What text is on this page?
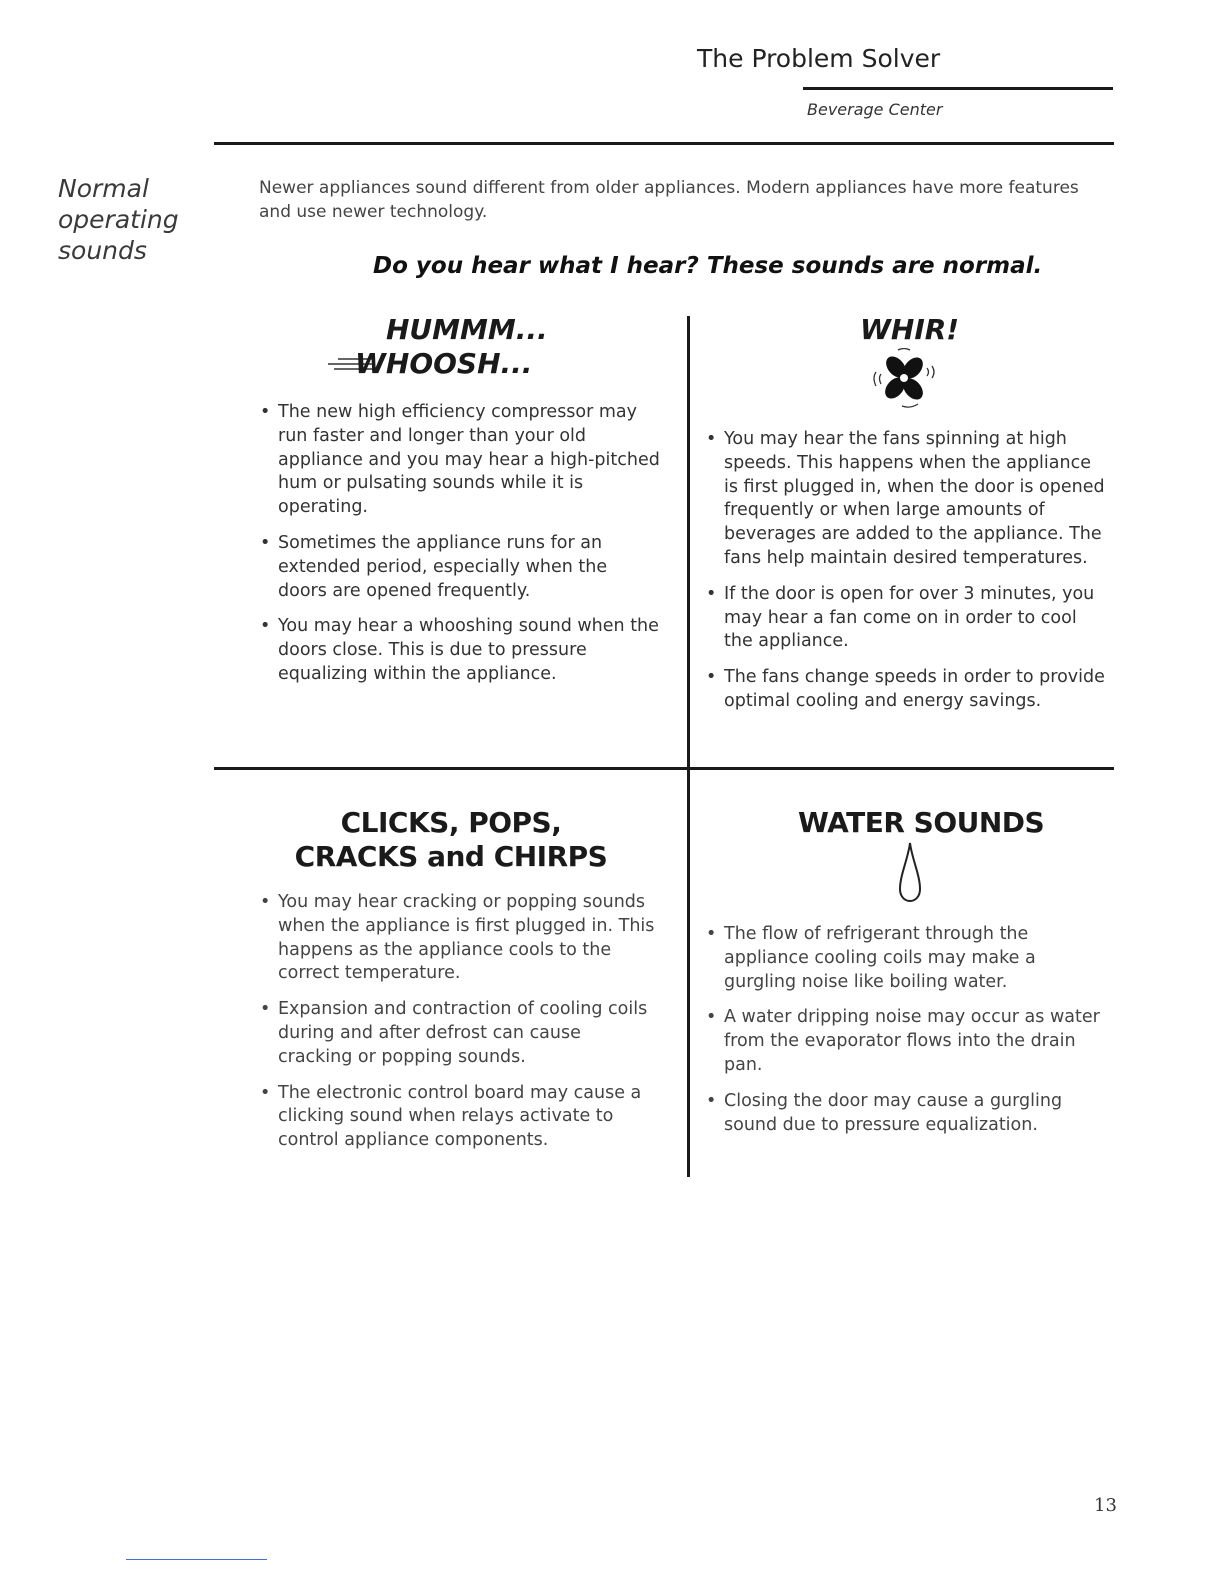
The Problem Solver
Beverage Center
Normal
operating
sounds
Newer appliances sound different from older appliances. Modern appliances have more features and use newer technology.
Do you hear what I hear? These sounds are normal.
HUMMM...
WHOOSH...
• The new high efficiency compressor may run faster and longer than your old appliance and you may hear a high-pitched hum or pulsating sounds while it is operating.
• Sometimes the appliance runs for an extended period, especially when the doors are opened frequently.
• You may hear a whooshing sound when the doors close. This is due to pressure equalizing within the appliance.
WHIR!
• You may hear the fans spinning at high speeds. This happens when the appliance is first plugged in, when the door is opened frequently or when large amounts of beverages are added to the appliance. The fans help maintain desired temperatures.
• If the door is open for over 3 minutes, you may hear a fan come on in order to cool the appliance.
• The fans change speeds in order to provide optimal cooling and energy savings.
CLICKS, POPS,
CRACKS and CHIRPS
• You may hear cracking or popping sounds when the appliance is first plugged in. This happens as the appliance cools to the correct temperature.
• Expansion and contraction of cooling coils during and after defrost can cause cracking or popping sounds.
• The electronic control board may cause a clicking sound when relays activate to control appliance components.
WATER SOUNDS
• The flow of refrigerant through the appliance cooling coils may make a gurgling noise like boiling water.
• A water dripping noise may occur as water from the evaporator flows into the drain pan.
• Closing the door may cause a gurgling sound due to pressure equalization.
13
